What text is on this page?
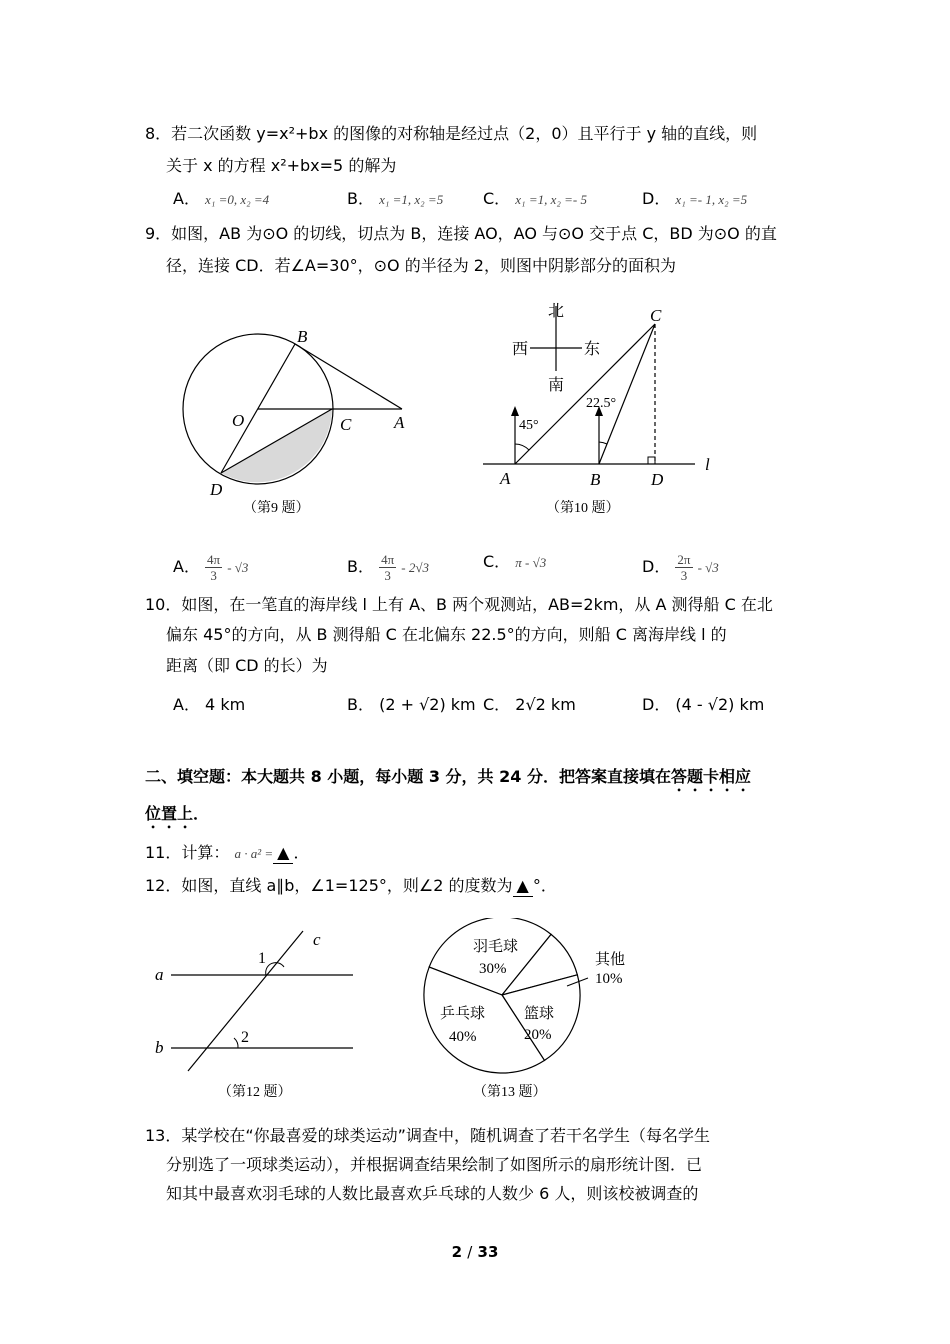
8．若二次函数 y=x²+bx 的图像的对称轴是经过点（2，0）且平行于 y 轴的直线，则
关于 x 的方程 x²+bx=5 的解为
A． x₁ =0, x₂ =4	B． x₁ =1, x₂ =5 C． x₁ =1, x₂ =- 5	D． x₁ =- 1, x₂ =5
9．如图，AB 为⊙O 的切线，切点为 B，连接 AO，AO 与⊙O 交于点 C，BD 为⊙O 的直
径，连接 CD．若∠A=30°，⊙O 的半径为 2，则图中阴影部分的面积为
B
O	C	A
D
（第9 题）
北
南
西	东
45°
22.5°
C
A	B	D
l
（第10 题）
A． $\frac{4\pi}{3} - √3$	B． $\frac{4\pi}{3} - 2√3$	C． π - √3	D． $\frac{2\pi}{3} - √3$
10．如图，在一笔直的海岸线 l 上有 A、B 两个观测站，AB=2km，从 A 测得船 C 在北
偏东 45°的方向，从 B 测得船 C 在北偏东 22.5°的方向，则船 C 离海岸线 l 的
距离（即 CD 的长）为
A． 4 km	B． (2 + √2) km C． 2√2 km	D． (4 - √2) km
二、填空题：本大题共 8 小题，每小题 3 分，共 24 分．把答案直接填在答题卡相应
位置上．
11．计算： a · a² = ▲ ．
12．如图，直线 a∥b，∠1=125°，则∠2 的度数为 ▲ °．
c
a
b
1
2
（第12 题）
羽毛球
30%
其他
10%
篮球
20%
乒乓球
40%
（第13 题）
13．某学校在“你最喜爱的球类运动”调查中，随机调查了若干名学生（每名学生
分别选了一项球类运动），并根据调查结果绘制了如图所示的扇形统计图．已
知其中最喜欢羽毛球的人数比最喜欢乒乓球的人数少 6 人，则该校被调查的
2 / 33
